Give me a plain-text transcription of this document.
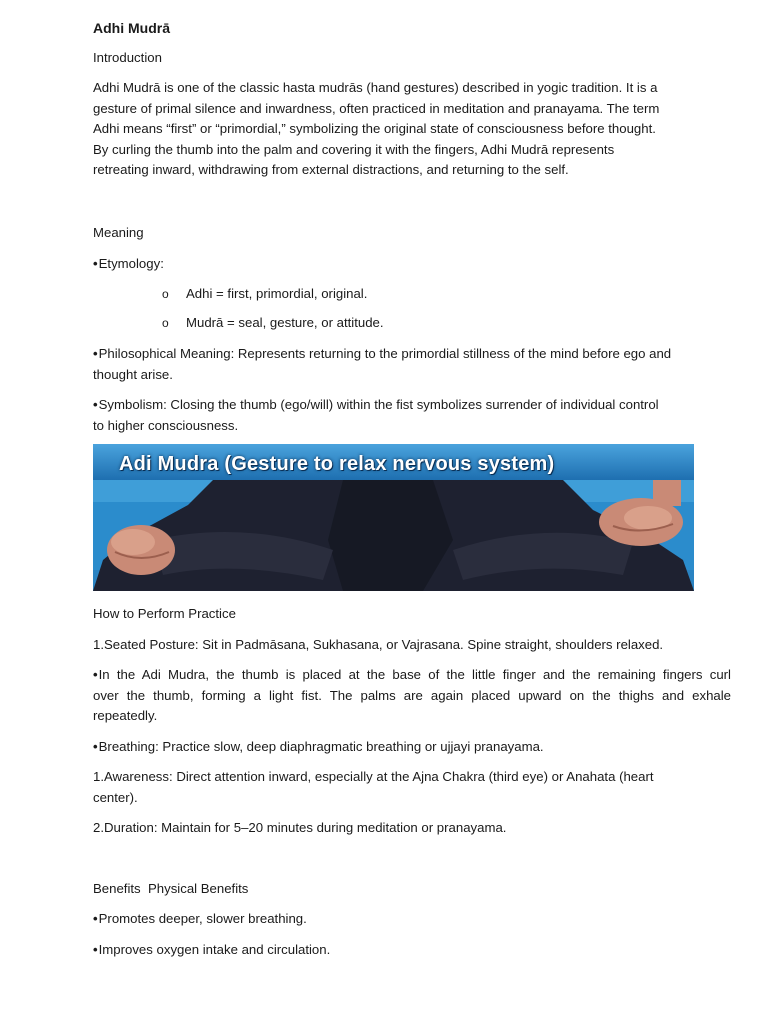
Adhi Mudrā

Introduction

Adhi Mudrā is one of the classic hasta mudrās (hand gestures) described in yogic tradition. It is a

gesture of primal silence and inwardness, often practiced in meditation and pranayama. The term

Adhi means “first” or “primordial,” symbolizing the original state of consciousness before thought.

By curling the thumb into the palm and covering it with the fingers, Adhi Mudrā represents

retreating inward, withdrawing from external distractions, and returning to the self.

Meaning

• Etymology:

o Adhi = first, primordial, original.

o Mudrā = seal, gesture, or attitude.

• Philosophical Meaning: Represents returning to the primordial stillness of the mind before ego and

thought arise.

• Symbolism: Closing the thumb (ego/will) within the fist symbolizes surrender of individual control

to higher consciousness.

Adi Mudra (Gesture to relax nervous system)

How to Perform Practice

1.Seated Posture: Sit in Padmāsana, Sukhasana, or Vajrasana. Spine straight, shoulders relaxed.

• In the Adi Mudra, the thumb is placed at the base of the little finger and the remaining fingers curl

over the thumb, forming a light fist. The palms are again placed upward on the thighs and exhale

repeatedly.

• Breathing: Practice slow, deep diaphragmatic breathing or ujjayi pranayama.

1.Awareness: Direct attention inward, especially at the Ajna Chakra (third eye) or Anahata (heart

center).

2.Duration: Maintain for 5–20 minutes during meditation or pranayama.

Benefits  Physical Benefits

• Promotes deeper, slower breathing.

• Improves oxygen intake and circulation.
